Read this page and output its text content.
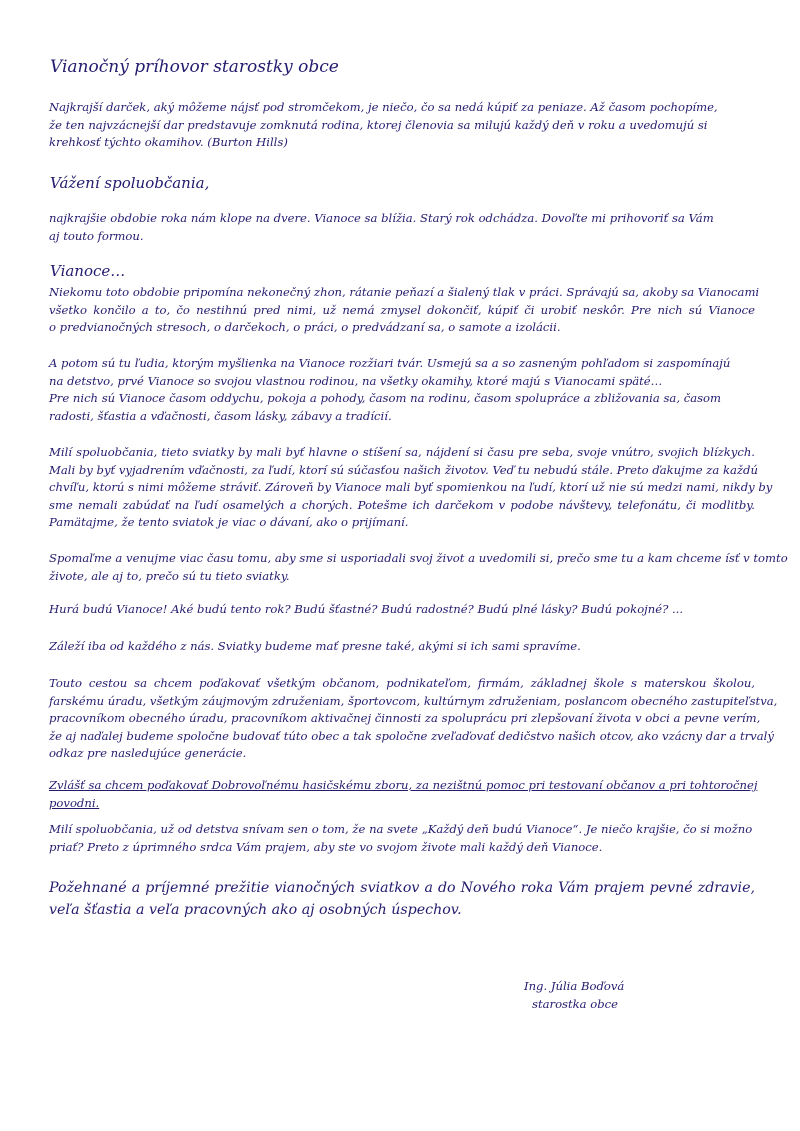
Vianočný príhovor starostky obce
Najkrajší darček, aký môžeme nájsť pod stromčekom, je niečo, čo sa nedá kúpiť za peniaze. Až časom pochopíme,
že ten najvzácnejší dar predstavuje zomknutá rodina, ktorej členovia sa milujú každý deň v roku a uvedomujú si
krehkosť týchto okamihov. (Burton Hills)
Vážení spoluobčania,
najkrajšie obdobie roka nám klope na dvere. Vianoce sa blížia. Starý rok odchádza. Dovoľte mi prihovoriť sa Vám
aj touto formou.
Vianoce…
Niekomu toto obdobie pripomína nekonečný zhon, rátanie peňazí a šialený tlak v práci. Správajú sa, akoby sa Vianocami
všetko končilo a to, čo nestihnú pred nimi, už nemá zmysel dokončiť, kúpiť či urobiť neskôr. Pre nich sú Vianoce
o predvianočných stresoch, o darčekoch, o práci, o predvádzaní sa, o samote a izolácii.
A potom sú tu ľudia, ktorým myšlienka na Vianoce rozžiari tvár. Usmejú sa a so zasneným pohľadom si zaspomínajú
na detstvo, prvé Vianoce so svojou vlastnou rodinou, na všetky okamihy, ktoré majú s Vianocami späté…
Pre nich sú Vianoce časom oddychu, pokoja a pohody, časom na rodinu, časom spolupráce a zbližovania sa, časom
radosti, šťastia a vďačnosti, časom lásky, zábavy a tradícií.
Milí spoluobčania, tieto sviatky by mali byť hlavne o stíšení sa, nájdení si času pre seba, svoje vnútro, svojich blízkych.
Mali by byť vyjadrením vďačnosti, za ľudí, ktorí sú súčasťou našich životov. Veď tu nebudú stále. Preto ďakujme za každú
chvíľu, ktorú s nimi môžeme stráviť. Zároveň by Vianoce mali byť spomienkou na ľudí, ktorí už nie sú medzi nami, nikdy by
sme nemali zabúdať na ľudí osamelých a chorých. Potešme ich darčekom v podobe návštevy, telefonátu, či modlitby.
Pamätajme, že tento sviatok je viac o dávaní, ako o prijímaní.
Spomaľme a venujme viac času tomu, aby sme si usporiadali svoj život a uvedomili si, prečo sme tu a kam chceme ísť v tomto
živote, ale aj to, prečo sú tu tieto sviatky.
Hurá budú Vianoce! Aké budú tento rok? Budú šťastné? Budú radostné? Budú plné lásky? Budú pokojné? ...
Záleží iba od každého z nás. Sviatky budeme mať presne také, akými si ich sami spravíme.
Touto cestou sa chcem poďakovať všetkým občanom, podnikateľom, firmám, základnej škole s materskou školou,
farskému úradu, všetkým záujmovým združeniam, športovcom, kultúrnym združeniam, poslancom obecného zastupiteľstva,
pracovníkom obecného úradu, pracovníkom aktivačnej činnosti za spoluprácu pri zlepšovaní života v obci a pevne verím,
že aj naďalej budeme spoločne budovať túto obec a tak spoločne zveľaďovať dedičstvo našich otcov, ako vzácny dar a trvalý
odkaz pre nasledujúce generácie.
Zvlášť sa chcem poďakovať Dobrovoľnému hasičskému zboru, za nezištnú pomoc pri testovaní občanov a pri tohtoročnej
povodni.
Milí spoluobčania, už od detstva snívam sen o tom, že na svete „Každý deň budú Vianoce“. Je niečo krajšie, čo si možno
priať? Preto z úprimného srdca Vám prajem, aby ste vo svojom živote mali každý deň Vianoce.
Požehnané a príjemné prežitie vianočných sviatkov a do Nového roka Vám prajem pevné zdravie,
veľa šťastia a veľa pracovných ako aj osobných úspechov.
Ing. Júlia Boďová
starostka obce
